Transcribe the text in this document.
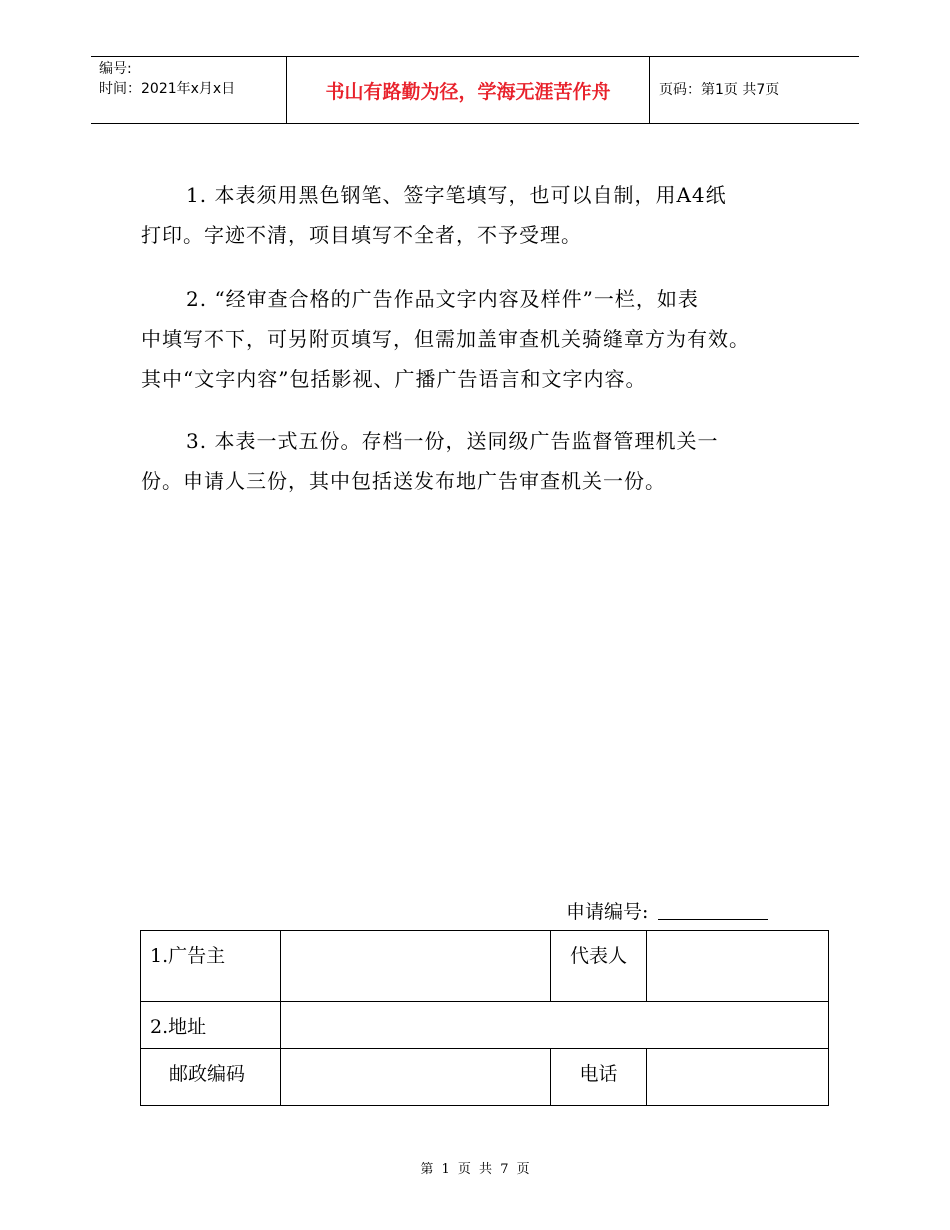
编号:
时间：2021年x月x日	书山有路勤为径，学海无涯苦作舟	页码：第1页 共7页
1. 本表须用黑色钢笔、签字笔填写，也可以自制，用A4纸
打印。字迹不清，项目填写不全者，不予受理。
2. “经审查合格的广告作品文字内容及样件”一栏，如表
中填写不下，可另附页填写，但需加盖审查机关骑缝章方为有效。
其中“文字内容”包括影视、广播广告语言和文字内容。
3. 本表一式五份。存档一份，送同级广告监督管理机关一
份。申请人三份，其中包括送发布地广告审查机关一份。
申请编号:
1.广告主		代表人	
2.地址			
邮政编码		电话	
第 1 页 共 7 页
